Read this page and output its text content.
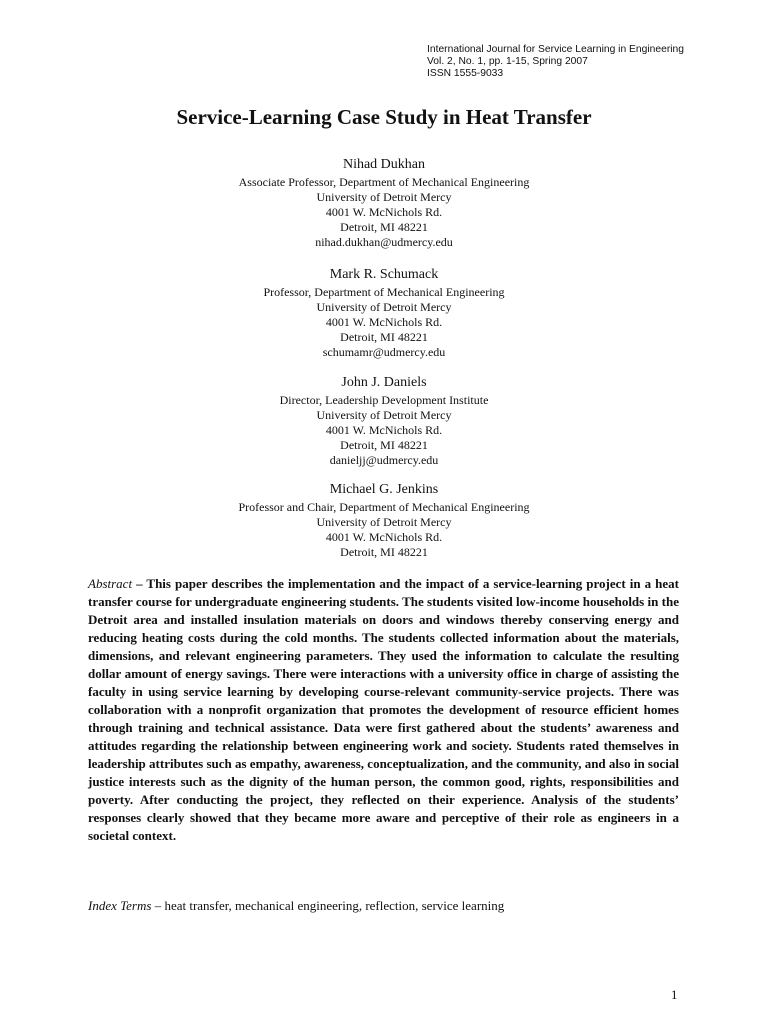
International Journal for Service Learning in Engineering
Vol. 2, No. 1, pp. 1-15, Spring 2007
ISSN 1555-9033
Service-Learning Case Study in Heat Transfer
Nihad Dukhan
Associate Professor, Department of Mechanical Engineering
University of Detroit Mercy
4001 W. McNichols Rd.
Detroit, MI 48221
nihad.dukhan@udmercy.edu
Mark R. Schumack
Professor, Department of Mechanical Engineering
University of Detroit Mercy
4001 W. McNichols Rd.
Detroit, MI 48221
schumamr@udmercy.edu
John J. Daniels
Director, Leadership Development Institute
University of Detroit Mercy
4001 W. McNichols Rd.
Detroit, MI 48221
danieljj@udmercy.edu
Michael G. Jenkins
Professor and Chair, Department of Mechanical Engineering
University of Detroit Mercy
4001 W. McNichols Rd.
Detroit, MI 48221
Abstract – This paper describes the implementation and the impact of a service-learning project in a heat transfer course for undergraduate engineering students. The students visited low-income households in the Detroit area and installed insulation materials on doors and windows thereby conserving energy and reducing heating costs during the cold months. The students collected information about the materials, dimensions, and relevant engineering parameters. They used the information to calculate the resulting dollar amount of energy savings. There were interactions with a university office in charge of assisting the faculty in using service learning by developing course-relevant community-service projects. There was collaboration with a nonprofit organization that promotes the development of resource efficient homes through training and technical assistance. Data were first gathered about the students’ awareness and attitudes regarding the relationship between engineering work and society. Students rated themselves in leadership attributes such as empathy, awareness, conceptualization, and the community, and also in social justice interests such as the dignity of the human person, the common good, rights, responsibilities and poverty. After conducting the project, they reflected on their experience. Analysis of the students’ responses clearly showed that they became more aware and perceptive of their role as engineers in a societal context.
Index Terms – heat transfer, mechanical engineering, reflection, service learning
1
